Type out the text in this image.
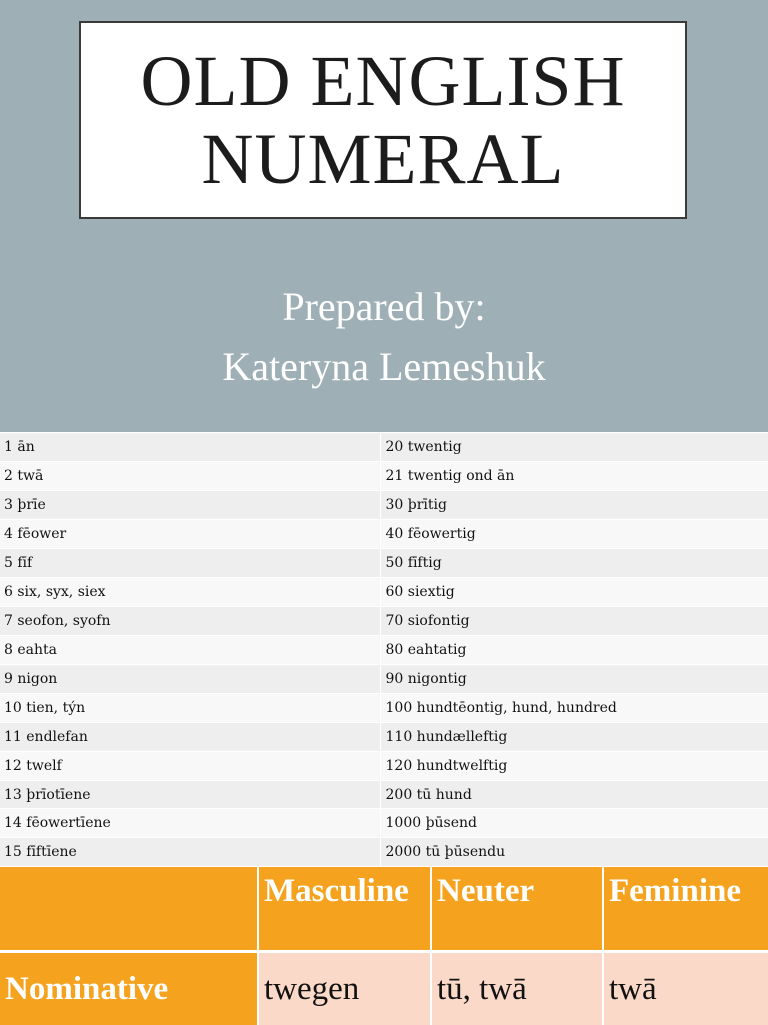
OLD ENGLISH
NUMERAL
Prepared by:
Kateryna Lemeshuk
1 ān	20 twentig
2 twā	21 twentig ond ān
3 þrīe	30 þrītig
4 fēower	40 fēowertig
5 fīf	50 fīftig
6 six, syx, siex	60 siextig
7 seofon, syofn	70 siofontig
8 eahta	80 eahtatig
9 nigon	90 nigontig
10 tien, týn	100 hundtēontig, hund, hundred
11 endlefan	110 hundælleftig
12 twelf	120 hundtwelftig
13 þrīotīene	200 tū hund
14 fēowertīene	1000 þūsend
15 fīftīene	2000 tū þūsendu
	Masculine	Neuter	Feminine
Nominative	twegen	tū, twā	twā
